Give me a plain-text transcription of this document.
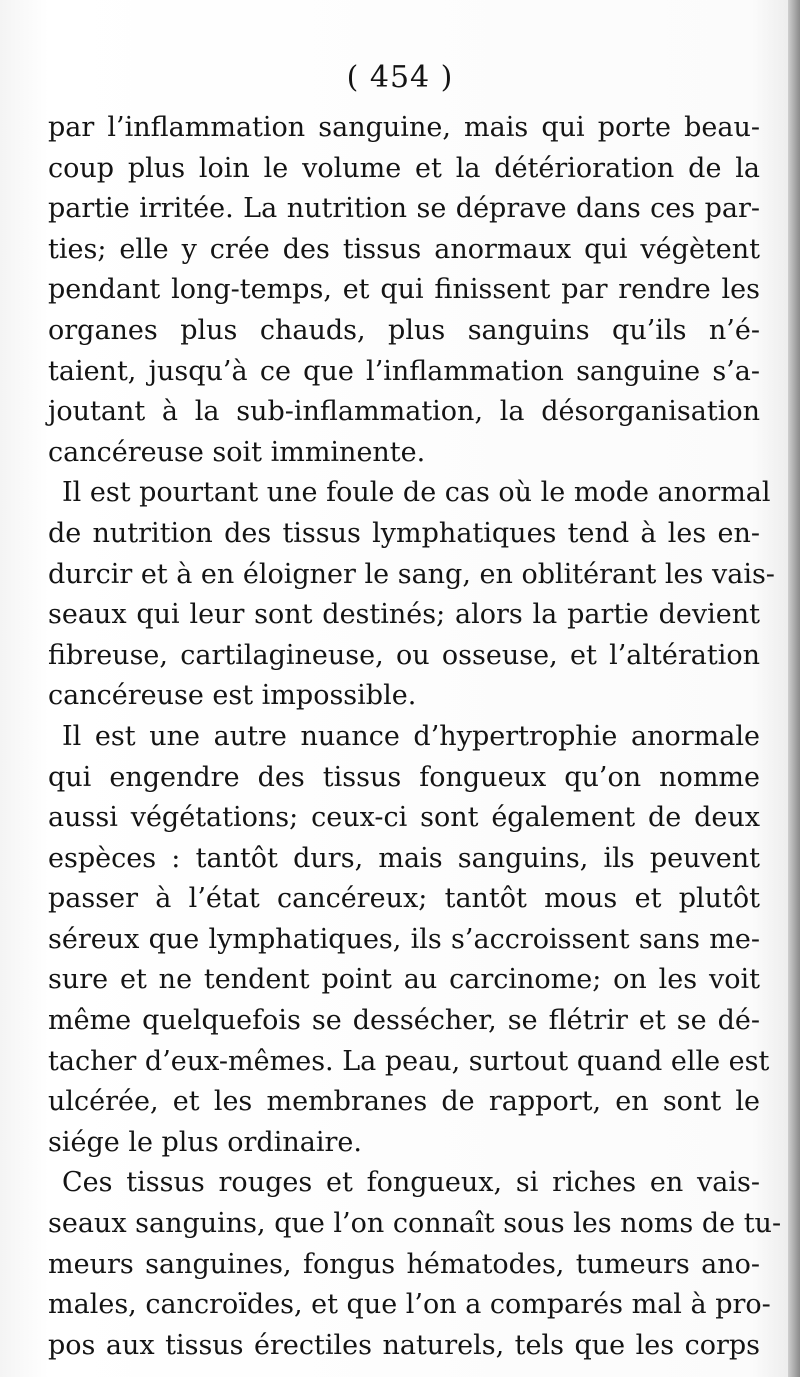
( 454 )
par l’inflammation sanguine, mais qui porte beau-
coup plus loin le volume et la détérioration de la
partie irritée. La nutrition se déprave dans ces par-
ties; elle y crée des tissus anormaux qui végètent
pendant long-temps, et qui finissent par rendre les
organes plus chauds, plus sanguins qu’ils n’é-
taient, jusqu’à ce que l’inflammation sanguine s’a-
joutant à la sub-inflammation, la désorganisation
cancéreuse soit imminente.
Il est pourtant une foule de cas où le mode anormal
de nutrition des tissus lymphatiques tend à les en-
durcir et à en éloigner le sang, en oblitérant les vais-
seaux qui leur sont destinés; alors la partie devient
fibreuse, cartilagineuse, ou osseuse, et l’altération
cancéreuse est impossible.
Il est une autre nuance d’hypertrophie anormale
qui engendre des tissus fongueux qu’on nomme
aussi végétations; ceux-ci sont également de deux
espèces : tantôt durs, mais sanguins, ils peuvent
passer à l’état cancéreux; tantôt mous et plutôt
séreux que lymphatiques, ils s’accroissent sans me-
sure et ne tendent point au carcinome; on les voit
même quelquefois se dessécher, se flétrir et se dé-
tacher d’eux-mêmes. La peau, surtout quand elle est
ulcérée, et les membranes de rapport, en sont le
siége le plus ordinaire.
Ces tissus rouges et fongueux, si riches en vais-
seaux sanguins, que l’on connaît sous les noms de tu-
meurs sanguines, fongus hématodes, tumeurs ano-
males, cancroïdes, et que l’on a comparés mal à pro-
pos aux tissus érectiles naturels, tels que les corps
